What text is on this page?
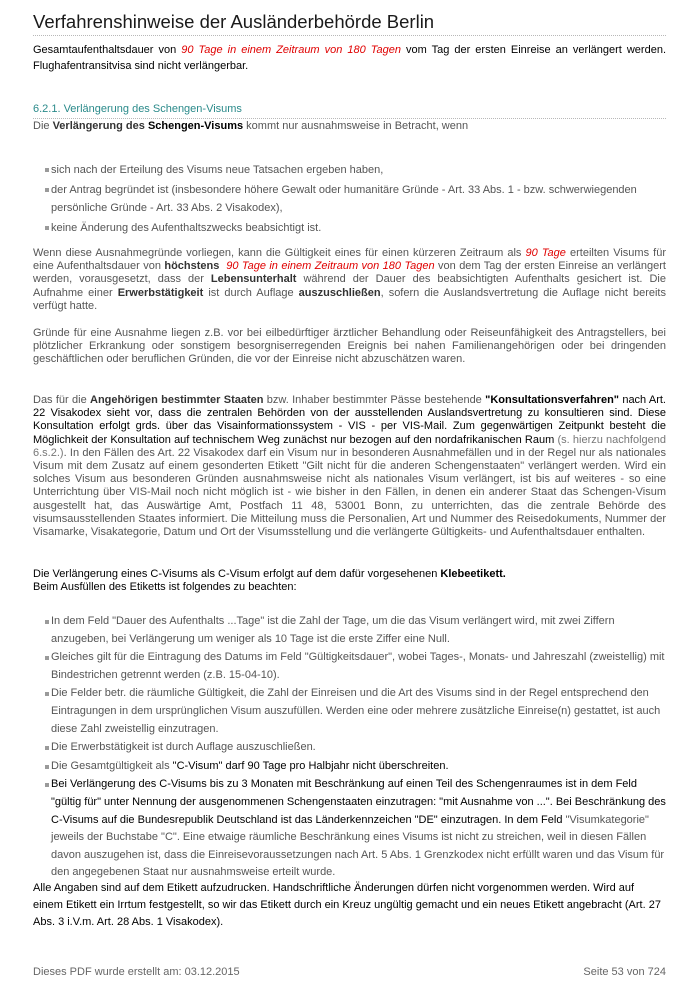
Verfahrenshinweise der Ausländerbehörde Berlin
Gesamtaufenthaltsdauer von 90 Tage in einem Zeitraum von 180 Tagen vom Tag der ersten Einreise an verlängert werden. Flughafentransitvisa sind nicht verlängerbar.
6.2.1. Verlängerung des Schengen-Visums
Die Verlängerung des Schengen-Visums kommt nur ausnahmsweise in Betracht, wenn
sich nach der Erteilung des Visums neue Tatsachen ergeben haben,
der Antrag begründet ist (insbesondere höhere Gewalt oder humanitäre Gründe - Art. 33 Abs. 1 - bzw. schwerwiegenden persönliche Gründe - Art. 33 Abs. 2 Visakodex),
keine Änderung des Aufenthaltszwecks beabsichtigt ist.
Wenn diese Ausnahmegründe vorliegen, kann die Gültigkeit eines für einen kürzeren Zeitraum als 90 Tage erteilten Visums für eine Aufenthaltsdauer von höchstens 90 Tage in einem Zeitraum von 180 Tagen von dem Tag der ersten Einreise an verlängert werden, vorausgesetzt, dass der Lebensunterhalt während der Dauer des beabsichtigten Aufenthalts gesichert ist. Die Aufnahme einer Erwerbstätigkeit ist durch Auflage auszuschließen, sofern die Auslandsvertretung die Auflage nicht bereits verfügt hatte.
Gründe für eine Ausnahme liegen z.B. vor bei eilbedürftiger ärztlicher Behandlung oder Reiseunfähigkeit des Antragstellers, bei plötzlicher Erkrankung oder sonstigem besorgniserregenden Ereignis bei nahen Familienangehörigen oder bei dringenden geschäftlichen oder beruflichen Gründen, die vor der Einreise nicht abzuschätzen waren.
Das für die Angehörigen bestimmter Staaten bzw. Inhaber bestimmter Pässe bestehende "Konsultationsverfahren" nach Art. 22 Visakodex sieht vor, dass die zentralen Behörden von der ausstellenden Auslandsvertretung zu konsultieren sind. Diese Konsultation erfolgt grds. über das Visainformationssystem - VIS - per VIS-Mail. Zum gegenwärtigen Zeitpunkt besteht die Möglichkeit der Konsultation auf technischem Weg zunächst nur bezogen auf den nordafrikanischen Raum (s. hierzu nachfolgend 6.s.2.). In den Fällen des Art. 22 Visakodex darf ein Visum nur in besonderen Ausnahmefällen und in der Regel nur als nationales Visum mit dem Zusatz auf einem gesonderten Etikett "Gilt nicht für die anderen Schengenstaaten" verlängert werden. Wird ein solches Visum aus besonderen Gründen ausnahmsweise nicht als nationales Visum verlängert, ist bis auf weiteres - so eine Unterrichtung über VIS-Mail noch nicht möglich ist - wie bisher in den Fällen, in denen ein anderer Staat das Schengen-Visum ausgestellt hat, das Auswärtige Amt, Postfach 11 48, 53001 Bonn, zu unterrichten, das die zentrale Behörde des visumsausstellenden Staates informiert. Die Mitteilung muss die Personalien, Art und Nummer des Reisedokuments, Nummer der Visamarke, Visakategorie, Datum und Ort der Visumsstellung und die verlängerte Gültigkeits- und Aufenthaltsdauer enthalten.
Die Verlängerung eines C-Visums als C-Visum erfolgt auf dem dafür vorgesehenen Klebeetikett.
Beim Ausfüllen des Etiketts ist folgendes zu beachten:
In dem Feld "Dauer des Aufenthalts ...Tage" ist die Zahl der Tage, um die das Visum verlängert wird, mit zwei Ziffern anzugeben, bei Verlängerung um weniger als 10 Tage ist die erste Ziffer eine Null.
Gleiches gilt für die Eintragung des Datums im Feld "Gültigkeitsdauer", wobei Tages-, Monats- und Jahreszahl (zweistellig) mit Bindestrichen getrennt werden (z.B. 15-04-10).
Die Felder betr. die räumliche Gültigkeit, die Zahl der Einreisen und die Art des Visums sind in der Regel entsprechend den Eintragungen in dem ursprünglichen Visum auszufüllen. Werden eine oder mehrere zusätzliche Einreise(n) gestattet, ist auch diese Zahl zweistellig einzutragen.
Die Erwerbstätigkeit ist durch Auflage auszuschließen.
Die Gesamtgültigkeit als "C-Visum" darf 90 Tage pro Halbjahr nicht überschreiten.
Bei Verlängerung des C-Visums bis zu 3 Monaten mit Beschränkung auf einen Teil des Schengenraumes ist in dem Feld "gültig für" unter Nennung der ausgenommenen Schengenstaaten einzutragen: "mit Ausnahme von ...". Bei Beschränkung des C-Visums auf die Bundesrepublik Deutschland ist das Länderkennzeichen "DE" einzutragen. In dem Feld "Visumkategorie" jeweils der Buchstabe "C". Eine etwaige räumliche Beschränkung eines Visums ist nicht zu streichen, weil in diesen Fällen davon auszugehen ist, dass die Einreisevoraussetzungen nach Art. 5 Abs. 1 Grenzkodex nicht erfüllt waren und das Visum für den angegebenen Staat nur ausnahmsweise erteilt wurde.
Alle Angaben sind auf dem Etikett aufzudrucken. Handschriftliche Änderungen dürfen nicht vorgenommen werden. Wird auf einem Etikett ein Irrtum festgestellt, so wir das Etikett durch ein Kreuz ungültig gemacht und ein neues Etikett angebracht (Art. 27 Abs. 3 i.V.m. Art. 28 Abs. 1 Visakodex).
Dieses PDF wurde erstellt am: 03.12.2015	Seite 53 von 724
